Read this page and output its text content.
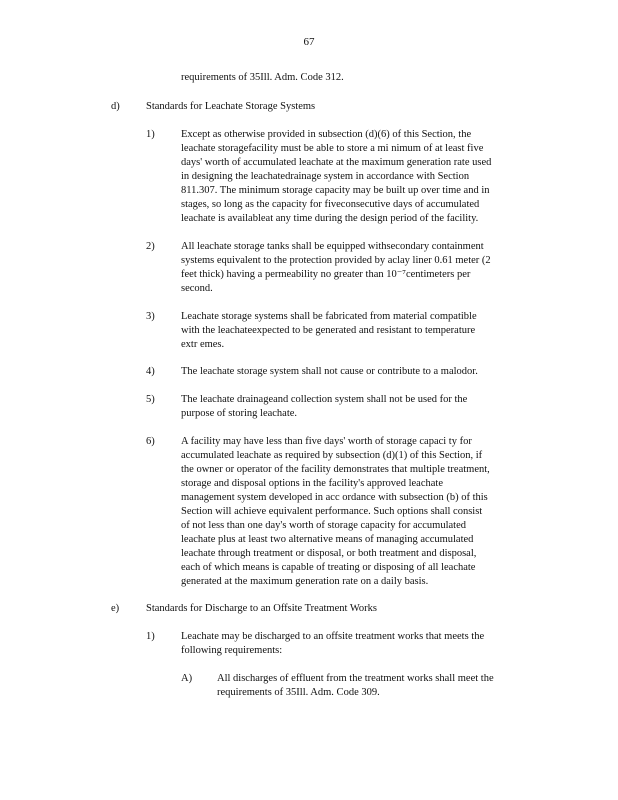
67
requirements of 35Ill. Adm. Code 312.
d)	Standards for Leachate Storage Systems
1)	Except as otherwise provided in subsection (d)(6) of this Section, the
leachate storagefacility must be able to store a mi nimum of at least five
days' worth of accumulated leachate at the maximum generation rate used
in designing the leachatedrainage system in accordance with Section
811.307. The minimum storage capacity may be built up over time and in
stages, so long as the capacity for fiveconsecutive days of accumulated
leachate is availableat any time during the design period of the facility.
2)	All leachate storage tanks shall be equipped withsecondary containment
systems equivalent to the protection provided by aclay liner 0.61 meter (2
feet thick) having a permeability no greater than 10⁻⁷centimeters per
second.
3)	Leachate storage systems shall be fabricated from material compatible
with the leachateexpected to be generated and resistant to temperature
extr emes.
4)	The leachate storage system shall not cause or contribute to a malodor.
5)	The leachate drainageand collection system shall not be used for the
purpose of storing leachate.
6)	A facility may have less than five days' worth of storage capaci ty for
accumulated leachate as required by subsection (d)(1) of this Section, if
the owner or operator of the facility demonstrates that multiple treatment,
storage and disposal options in the facility's approved leachate
management system developed in acc ordance with subsection (b) of this
Section will achieve equivalent performance. Such options shall consist
of not less than one day's worth of storage capacity for accumulated
leachate plus at least two alternative means of managing accumulated
leachate through treatment or disposal, or both treatment and disposal,
each of which means is capable of treating or disposing of all leachate
generated at the maximum generation rate on a daily basis.
e)	Standards for Discharge to an Offsite Treatment Works
1)	Leachate may be discharged to an offsite treatment works that meets the
following requirements:
A) All discharges of effluent from the treatment works shall meet the
requirements of 35Ill. Adm. Code 309.
